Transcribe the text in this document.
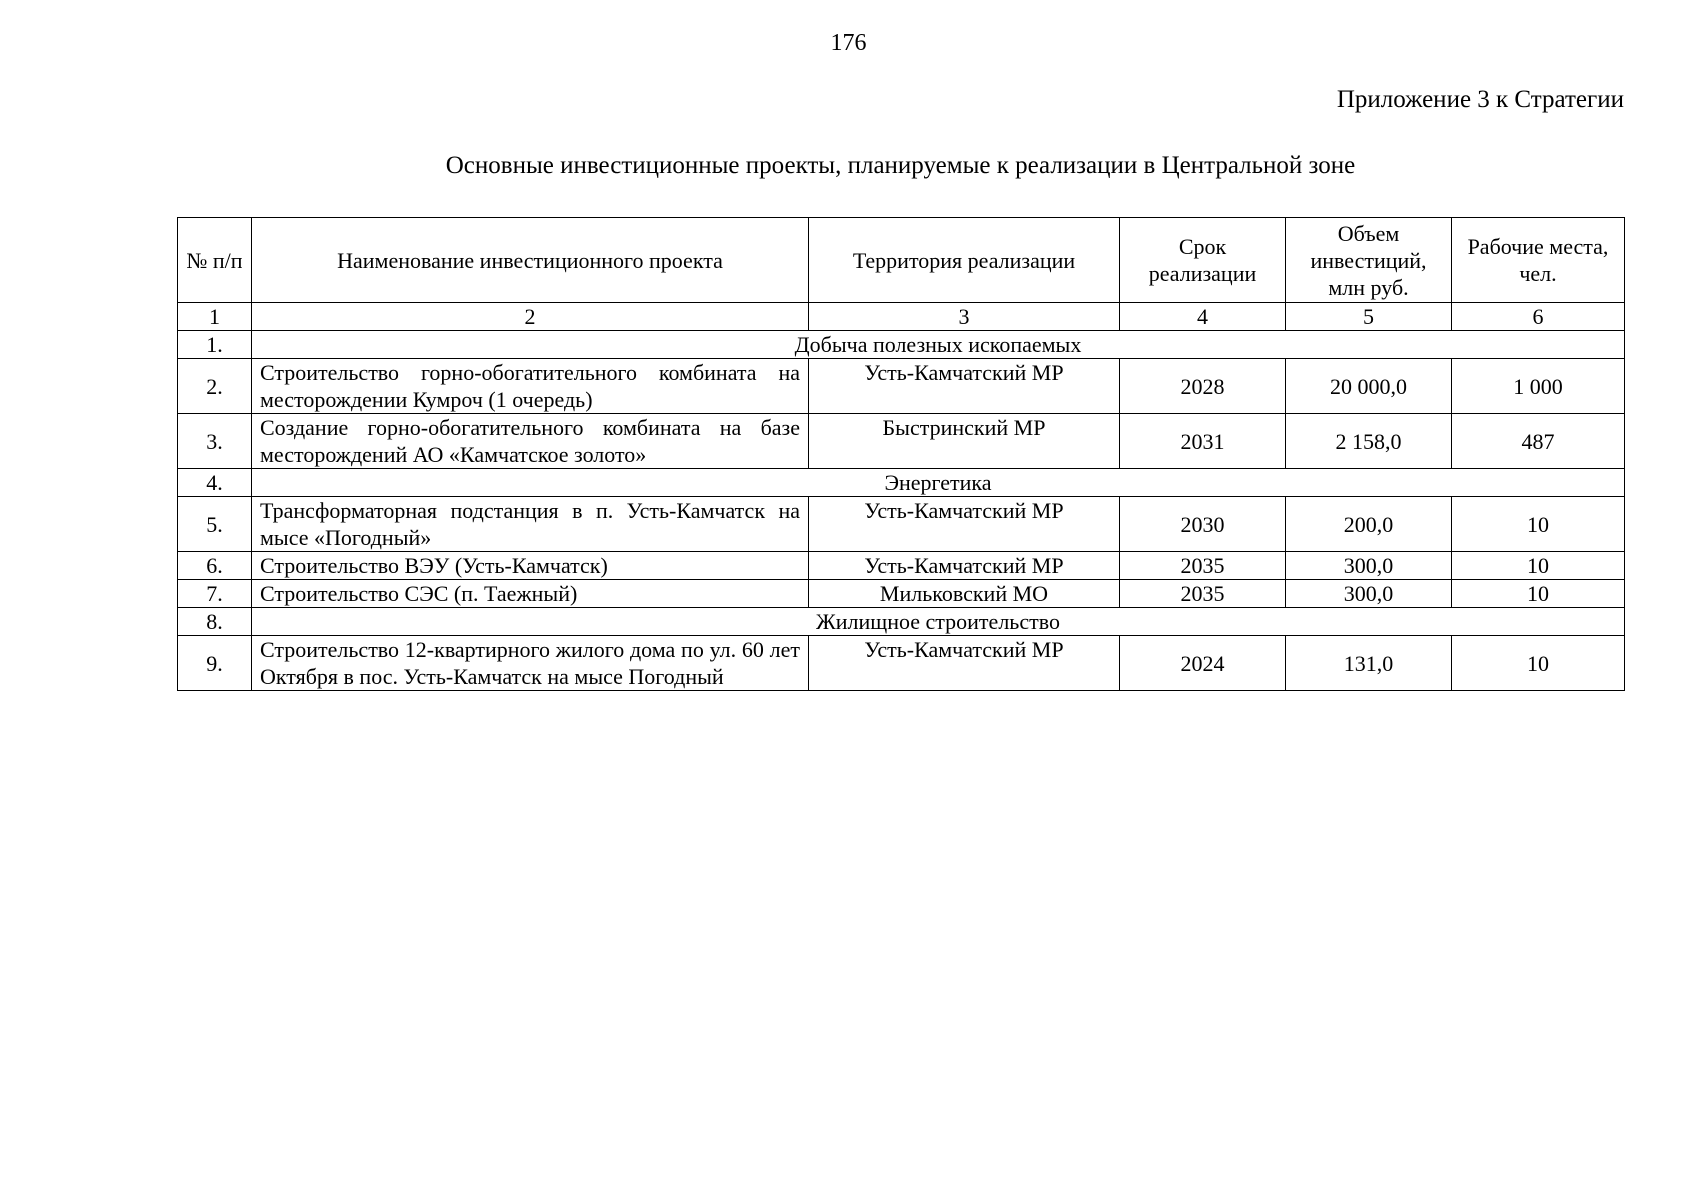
176
Приложение 3 к Стратегии
Основные инвестиционные проекты, планируемые к реализации в Центральной зоне
№ п/п	Наименование инвестиционного проекта	Территория реализации	Срок реализации	Объем инвестиций, млн руб.	Рабочие места, чел.
1	2	3	4	5	6
1.	Добыча полезных ископаемых				
2.	Строительство горно-обогатительного комбината на месторождении Кумроч (1 очередь)	Усть-Камчатский МР	2028	20 000,0	1 000
3.	Создание горно-обогатительного комбината на базе месторождений АО «Камчатское золото»	Быстринский МР	2031	2 158,0	487
4.	Энергетика				
5.	Трансформаторная подстанция в п. Усть-Камчатск на мысе «Погодный»	Усть-Камчатский МР	2030	200,0	10
6.	Строительство ВЭУ (Усть-Камчатск)	Усть-Камчатский МР	2035	300,0	10
7.	Строительство СЭС (п. Таежный)	Мильковский МО	2035	300,0	10
8.	Жилищное строительство				
9.	Строительство 12-квартирного жилого дома по ул. 60 лет Октября в пос. Усть-Камчатск на мысе Погодный	Усть-Камчатский МР	2024	131,0	10
